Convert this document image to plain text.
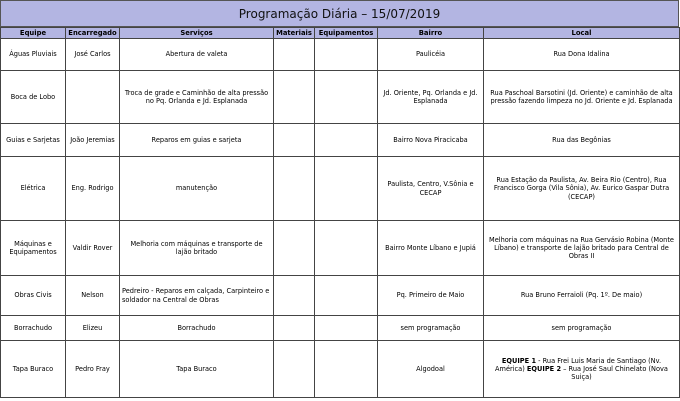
Programação Diária – 15/07/2019
Equipe	Encarregado	Serviços	Materiais	Equipamentos	Bairro	Local
Águas Pluviais	José Carlos	Abertura de valeta			Paulicéia	Rua Dona Idalina
Boca de Lobo		Troca de grade e Caminhão de alta pressão no Pq. Orlanda e Jd. Esplanada			Jd. Oriente, Pq. Orlanda e Jd. Esplanada	Rua Paschoal Barsotini (Jd. Oriente) e caminhão de alta pressão fazendo limpeza no Jd. Oriente e Jd. Esplanada
Guias e Sarjetas	João Jeremias	Reparos em guias e sarjeta			Bairro Nova Piracicaba	Rua das Begônias
Elétrica	Eng. Rodrigo	manutenção			Paulista, Centro, V.Sônia e CECAP	Rua Estação da Paulista, Av. Beira Rio (Centro), Rua Francisco Gorga (Vila Sônia), Av. Eurico Gaspar Dutra (CECAP)
Máquinas e Equipamentos	Valdir Rover	Melhoria com máquinas e transporte de lajão britado			Bairro Monte Líbano e Jupiá	Melhoria com máquinas na Rua Gervásio Robina (Monte Líbano) e transporte de lajão britado para Central de Obras II
Obras Civis	Nelson	Pedreiro - Reparos em calçada, Carpinteiro e soldador na Central de Obras			Pq. Primeiro de Maio	Rua Bruno Ferraioli (Pq. 1º. De maio)
Borrachudo	Elizeu	Borrachudo			sem programação	sem programação
Tapa Buraco	Pedro Fray	Tapa Buraco			Algodoal	EQUIPE 1 - Rua Frei Luis Maria de Santiago (Nv. América) EQUIPE 2 – Rua José Saul Chinelato (Nova Suiça)
